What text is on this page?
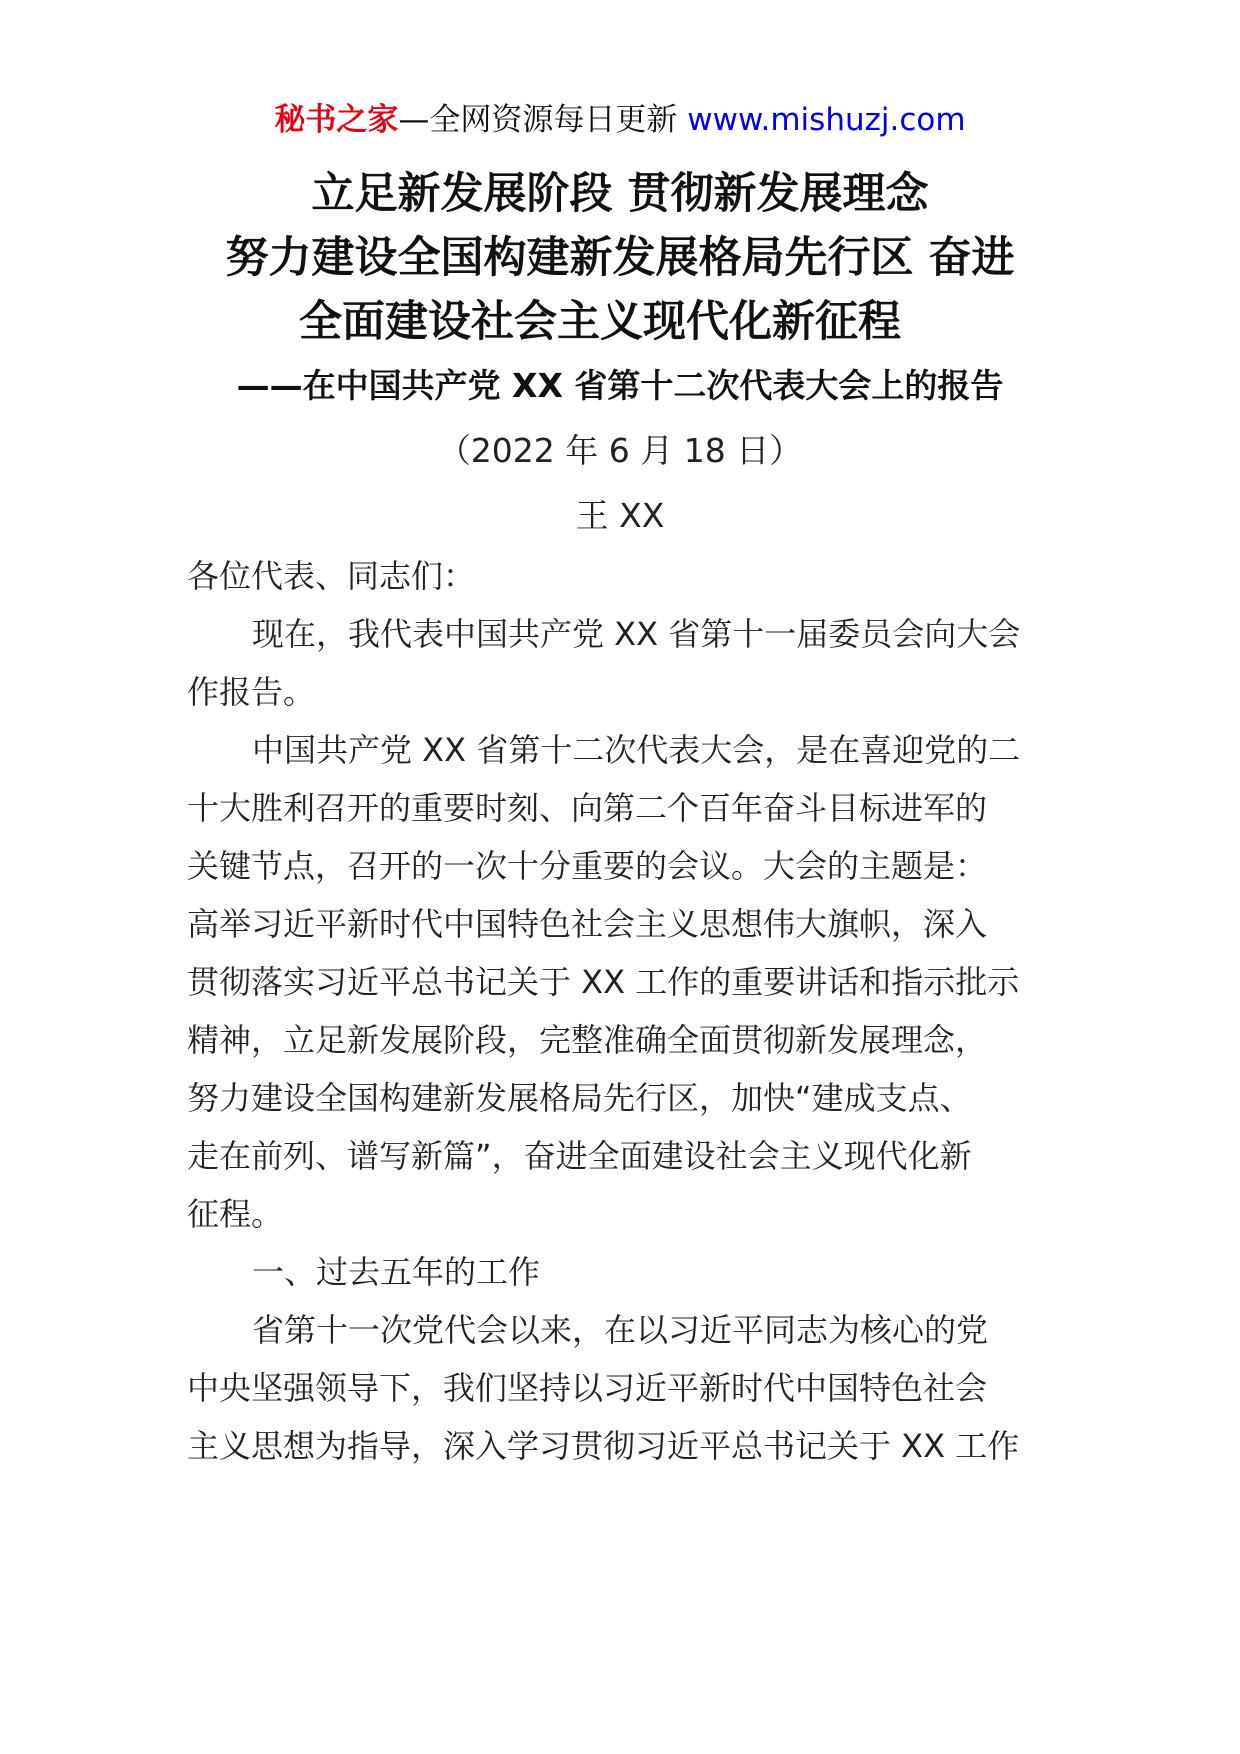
秘书之家—全网资源每日更新 www.mishuzj.com
立足新发展阶段 贯彻新发展理念
努力建设全国构建新发展格局先行区 奋进
全面建设社会主义现代化新征程
——在中国共产党 XX 省第十二次代表大会上的报告
（2022 年 6 月 18 日）
王 XX
各位代表、同志们：
现在，我代表中国共产党 XX 省第十一届委员会向大会
作报告。
中国共产党 XX 省第十二次代表大会，是在喜迎党的二
十大胜利召开的重要时刻、向第二个百年奋斗目标进军的
关键节点，召开的一次十分重要的会议。大会的主题是：
高举习近平新时代中国特色社会主义思想伟大旗帜，深入
贯彻落实习近平总书记关于 XX 工作的重要讲话和指示批示
精神，立足新发展阶段，完整准确全面贯彻新发展理念，
努力建设全国构建新发展格局先行区，加快“建成支点、
走在前列、谱写新篇”，奋进全面建设社会主义现代化新
征程。
一、过去五年的工作
省第十一次党代会以来，在以习近平同志为核心的党
中央坚强领导下，我们坚持以习近平新时代中国特色社会
主义思想为指导，深入学习贯彻习近平总书记关于 XX 工作
